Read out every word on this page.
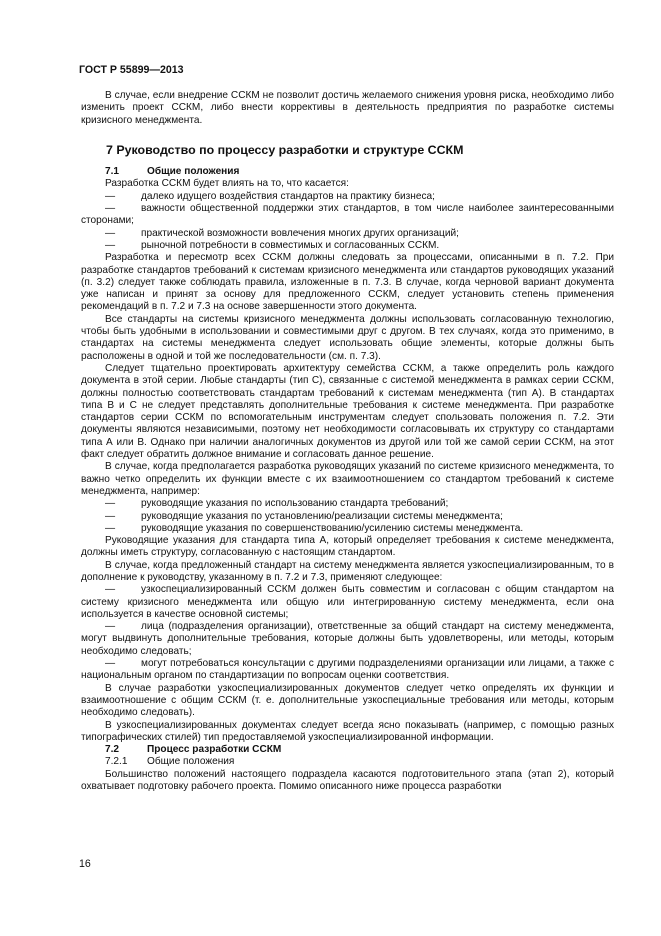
ГОСТ Р 55899—2013

В случае, если внедрение ССКМ не позволит достичь желаемого снижения уровня риска, необходимо либо изменить проект ССКМ, либо внести коррективы в деятельность предприятия по разработке системы кризисного менеджмента.

7 Руководство по процессу разработки и структуре ССКМ
7.1	Общие положения

Разработка ССКМ будет влиять на то, что касается:

—	далеко идущего воздействия стандартов на практику бизнеса;
—	важности общественной поддержки этих стандартов, в том числе наиболее заинтересованными сторонами;
—	практической возможности вовлечения многих других организаций;
—	рыночной потребности в совместимых и согласованных ССКМ.

Разработка и пересмотр всех ССКМ должны следовать за процессами, описанными в п. 7.2. При разработке стандартов требований к системам кризисного менеджмента или стандартов руководящих указаний (п. 3.2) следует также соблюдать правила, изложенные в п. 7.3. В случае, когда черновой вариант документа уже написан и принят за основу для предложенного ССКМ, следует установить степень применения рекомендаций в п. 7.2 и 7.3 на основе завершенности этого документа.

Все стандарты на системы кризисного менеджмента должны использовать согласованную технологию, чтобы быть удобными в использовании и совместимыми друг с другом. В тех случаях, когда это применимо, в стандартах на системы менеджмента следует использовать общие элементы, которые должны быть расположены в одной и той же последовательности (см. п. 7.3).

Следует тщательно проектировать архитектуру семейства ССКМ, а также определить роль каждого документа в этой серии. Любые стандарты (тип С), связанные с системой менеджмента в рамках серии ССКМ, должны полностью соответствовать стандартам требований к системам менеджмента (тип А). В стандартах типа В и С не следует представлять дополнительные требования к системе менеджмента. При разработке стандартов серии ССКМ по вспомогательным инструментам следует спользовать положения п. 7.2. Эти документы являются независимыми, поэтому нет необходимости согласовывать их структуру со стандартами типа А или В. Однако при наличии аналогичных документов из другой или той же самой серии ССКМ, на этот факт следует обратить должное внимание и согласовать данное решение.

В случае, когда предполагается разработка руководящих указаний по системе кризисного менеджмента, то важно четко определить их функции вместе с их взаимоотношением со стандартом требований к системе менеджмента, например:

—	руководящие указания по использованию стандарта требований;
—	руководящие указания по установлению/реализации системы менеджмента;
—	руководящие указания по совершенствованию/усилению системы менеджмента.

Руководящие указания для стандарта типа А, который определяет требования к системе менеджмента, должны иметь структуру, согласованную с настоящим стандартом.

В случае, когда предложенный стандарт на систему менеджмента является узкоспециализированным, то в дополнение к руководству, указанному в п. 7.2 и 7.3, применяют следующее:

—	узкоспециализированный ССКМ должен быть совместим и согласован с общим стандартом на систему кризисного менеджмента или общую или интегрированную систему менеджмента, если она используется в качестве основной системы;
—	лица (подразделения организации), ответственные за общий стандарт на систему менеджмента, могут выдвинуть дополнительные требования, которые должны быть удовлетворены, или методы, которым необходимо следовать;
—	могут потребоваться консультации с другими подразделениями организации или лицами, а также с национальным органом по стандартизации по вопросам оценки соответствия.

В случае разработки узкоспециализированных документов следует четко определять их функции и взаимоотношение с общим ССКМ (т. е. дополнительные узкоспециальные требования или методы, которым необходимо следовать).

В узкоспециализированных документах следует всегда ясно показывать (например, с помощью разных типографических стилей) тип предоставляемой узкоспециализированной информации.

7.2	Процесс разработки ССКМ
7.2.1	Общие положения

Большинство положений настоящего подраздела касаются подготовительного этапа (этап 2), который охватывает подготовку рабочего проекта. Помимо описанного ниже процесса разработки

16
